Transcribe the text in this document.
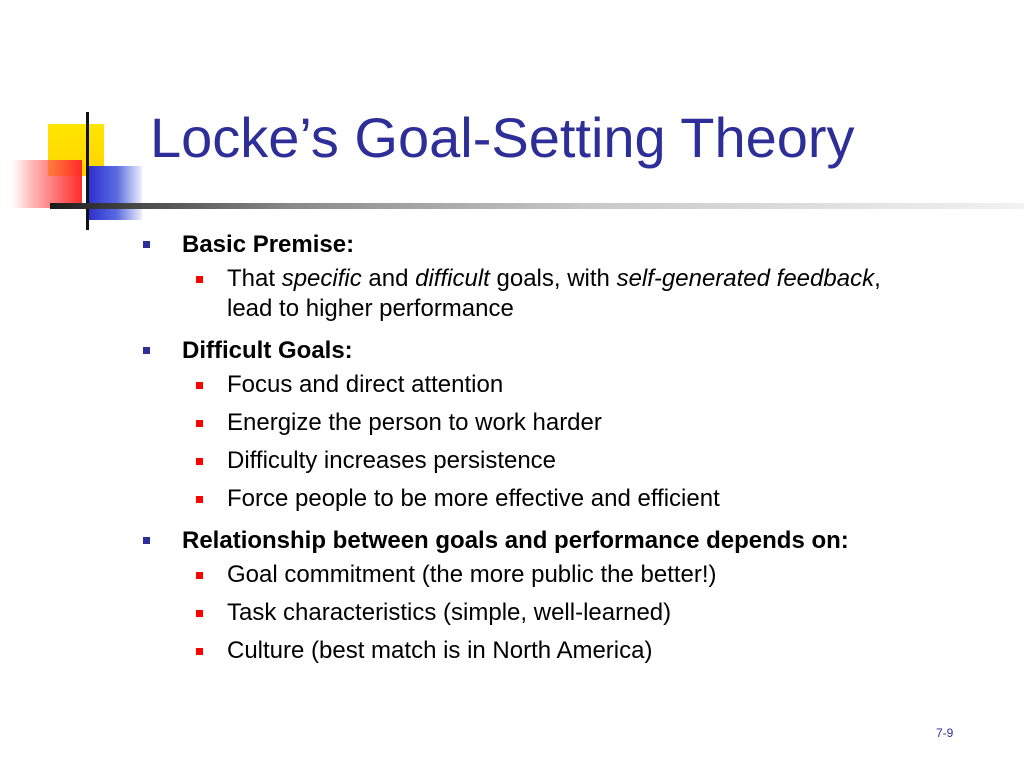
Locke’s Goal-Setting Theory
Basic Premise:
That specific and difficult goals, with self-generated feedback, lead to higher performance
Difficult Goals:
Focus and direct attention
Energize the person to work harder
Difficulty increases persistence
Force people to be more effective and efficient
Relationship between goals and performance depends on:
Goal commitment (the more public the better!)
Task characteristics (simple, well-learned)
Culture (best match is in North America)
7-9
